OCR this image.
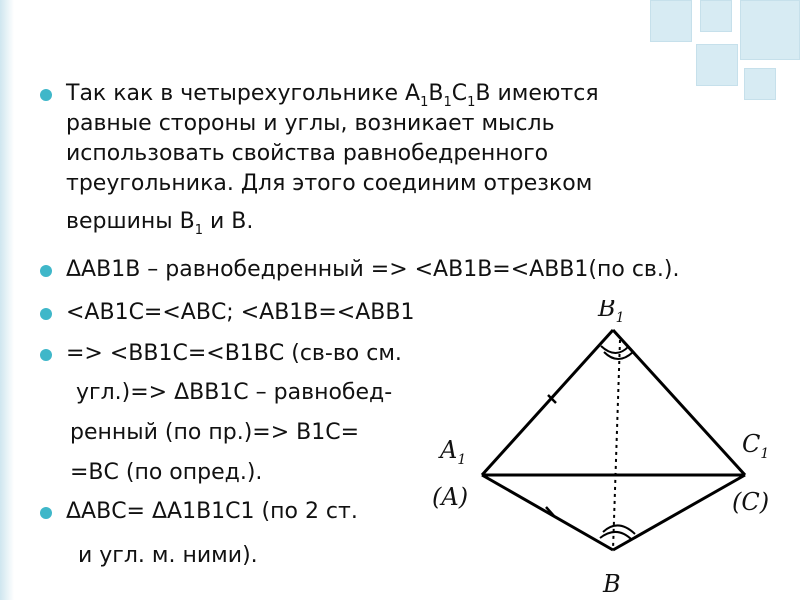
Так как в четырехугольнике $А_1В_1С_1В$ имеются
равные стороны и углы, возникает мысль
использовать свойства равнобедренного
треугольника. Для этого соединим отрезком
вершины $В_1$ и В.
ΔАВ1В – равнобедренный => <АВ1В=<АВВ1(по св.).
<АВ1С=<АВС; <АВ1В=<АВВ1
=> <ВВ1С=<В1ВС (св-во см.
угл.)=> ΔВВ1С – равнобед-
ренный (по пр.)=> В1С=
=ВС (по опред.).
ΔАВС= ΔА1В1С1 (по 2 ст.
и угл. м. ними).
$B_1$
$A_1$
(A)
$C_1$
(C)
B
